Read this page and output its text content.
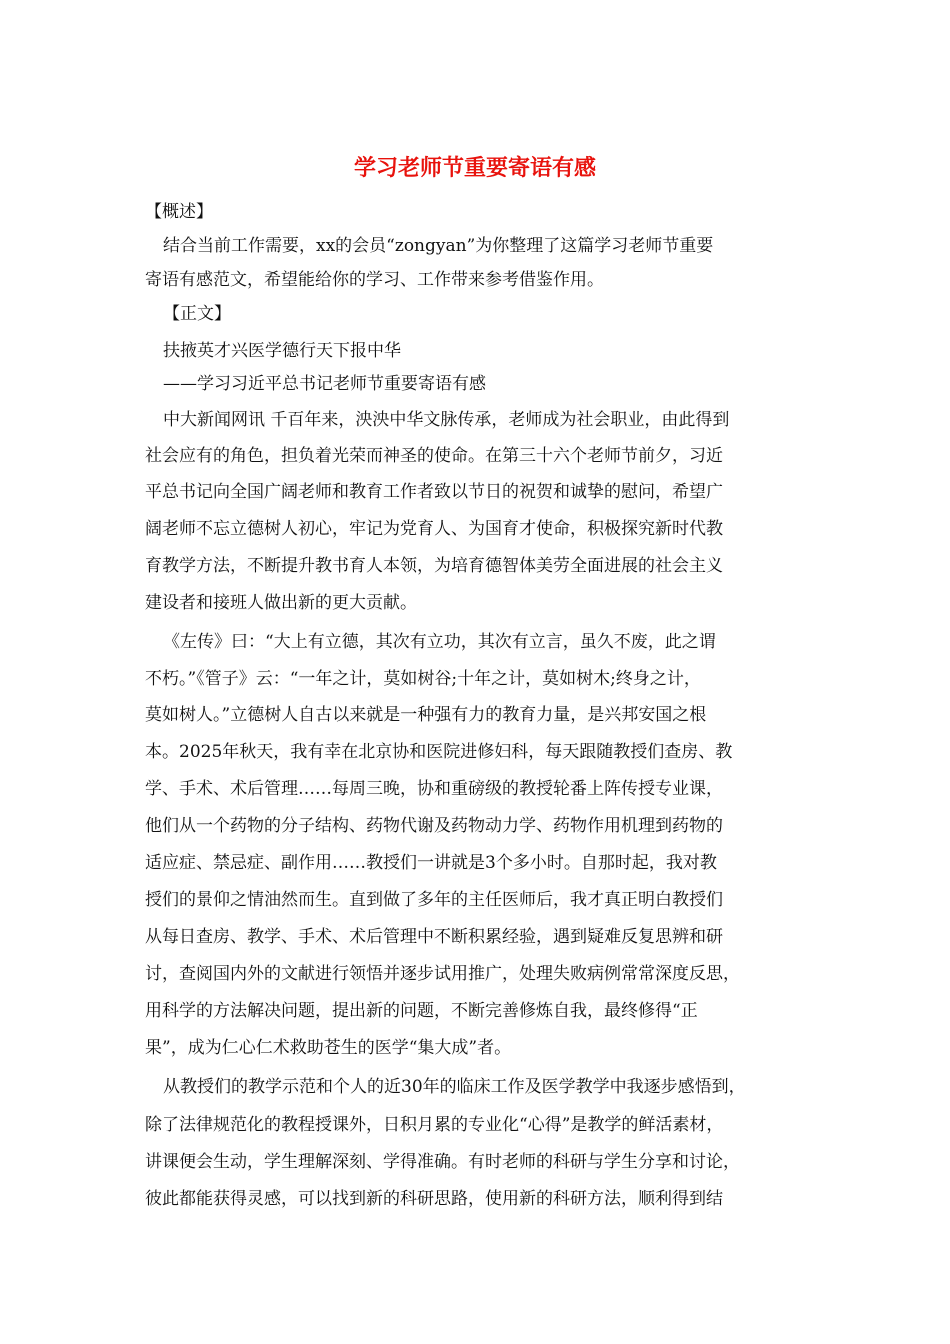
学习老师节重要寄语有感
【概述】
结合当前工作需要，xx的会员“zongyan”为你整理了这篇学习老师节重要
寄语有感范文，希望能给你的学习、工作带来参考借鉴作用。
【正文】
扶掖英才兴医学德行天下报中华
——学习习近平总书记老师节重要寄语有感
中大新闻网讯 千百年来，泱泱中华文脉传承，老师成为社会职业，由此得到
社会应有的角色，担负着光荣而神圣的使命。在第三十六个老师节前夕，习近
平总书记向全国广阔老师和教育工作者致以节日的祝贺和诚挚的慰问，希望广
阔老师不忘立德树人初心，牢记为党育人、为国育才使命，积极探究新时代教
育教学方法，不断提升教书育人本领，为培育德智体美劳全面进展的社会主义
建设者和接班人做出新的更大贡献。
《左传》曰：“大上有立德，其次有立功，其次有立言，虽久不废，此之谓
不朽。”《管子》云：“一年之计，莫如树谷;十年之计，莫如树木;终身之计，
莫如树人。”立德树人自古以来就是一种强有力的教育力量，是兴邦安国之根
本。2025年秋天，我有幸在北京协和医院进修妇科，每天跟随教授们查房、教
学、手术、术后管理……每周三晚，协和重磅级的教授轮番上阵传授专业课，
他们从一个药物的分子结构、药物代谢及药物动力学、药物作用机理到药物的
适应症、禁忌症、副作用……教授们一讲就是3个多小时。自那时起，我对教
授们的景仰之情油然而生。直到做了多年的主任医师后，我才真正明白教授们
从每日查房、教学、手术、术后管理中不断积累经验，遇到疑难反复思辨和研
讨，查阅国内外的文献进行领悟并逐步试用推广，处理失败病例常常深度反思，
用科学的方法解决问题，提出新的问题，不断完善修炼自我，最终修得“正
果”，成为仁心仁术救助苍生的医学“集大成”者。
从教授们的教学示范和个人的近30年的临床工作及医学教学中我逐步感悟到，
除了法律规范化的教程授课外，日积月累的专业化“心得”是教学的鲜活素材，
讲课便会生动，学生理解深刻、学得准确。有时老师的科研与学生分享和讨论，
彼此都能获得灵感，可以找到新的科研思路，使用新的科研方法，顺利得到结
